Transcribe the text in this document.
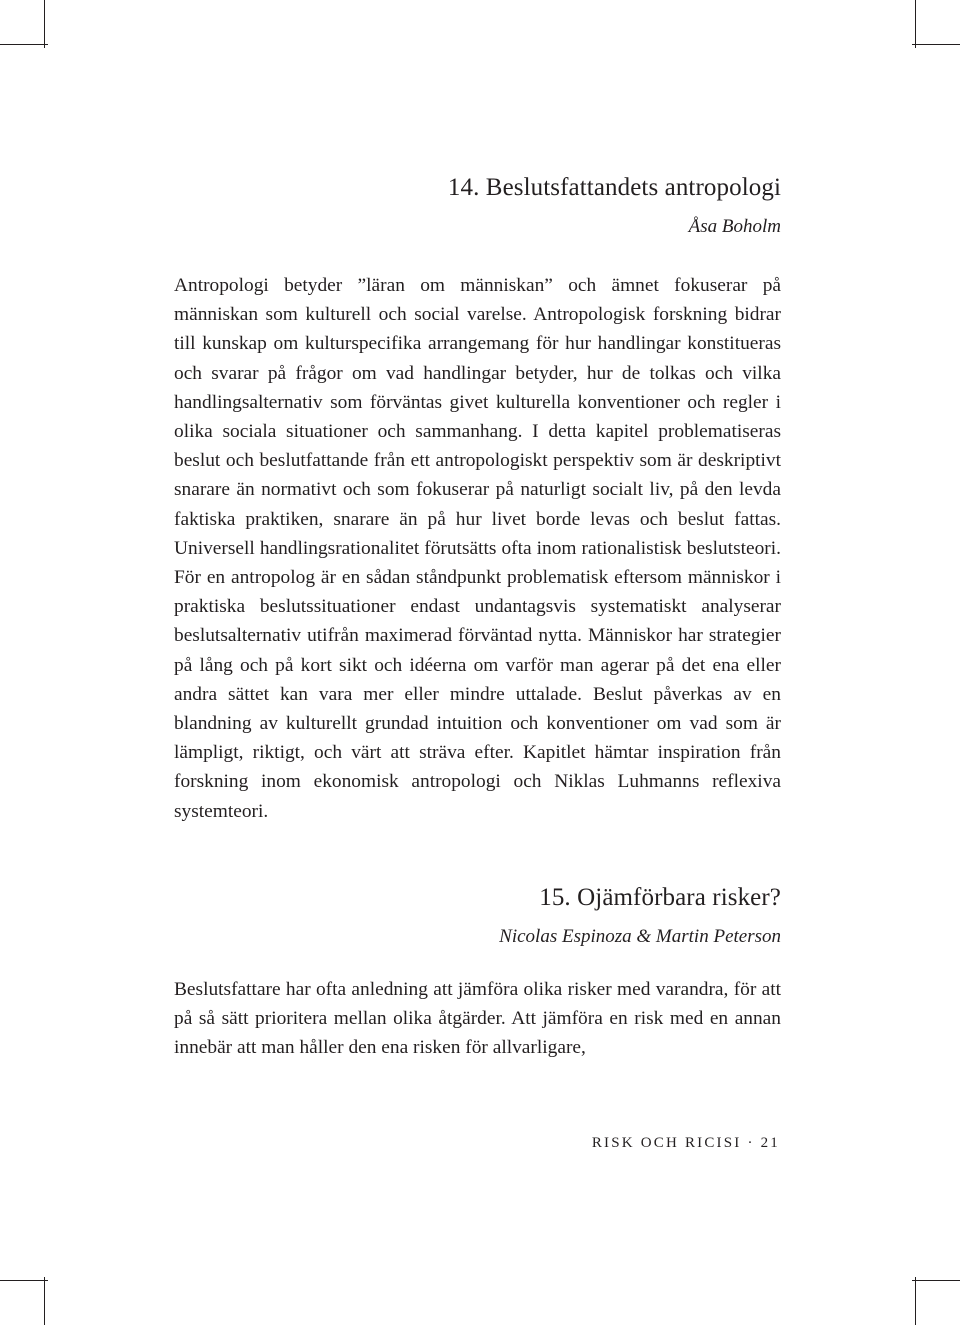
14. Beslutsfattandets antropologi

Åsa Boholm

Antropologi betyder ”läran om människan” och ämnet fokuserar på människan som kulturell och social varelse. Antropologisk forskning bidrar till kunskap om kulturspecifika arrangemang för hur handlingar konstitueras och svarar på frågor om vad handlingar betyder, hur de tolkas och vilka handlingsalternativ som förväntas givet kulturella konventioner och regler i olika sociala situationer och sammanhang. I detta kapitel problematiseras beslut och beslutfattande från ett antropologiskt perspektiv som är deskriptivt snarare än normativt och som fokuserar på naturligt socialt liv, på den levda faktiska praktiken, snarare än på hur livet borde levas och beslut fattas. Universell handlingsrationalitet förutsätts ofta inom rationalistisk beslutsteori. För en antropolog är en sådan ståndpunkt problematisk eftersom människor i praktiska beslutssituationer endast undantagsvis systematiskt analyserar beslutsalternativ utifrån maximerad förväntad nytta. Människor har strategier på lång och på kort sikt och idéerna om varför man agerar på det ena eller andra sättet kan vara mer eller mindre uttalade. Beslut påverkas av en blandning av kulturellt grundad intuition och konventioner om vad som är lämpligt, riktigt, och värt att sträva efter. Kapitlet hämtar inspiration från forskning inom ekonomisk antropologi och Niklas Luhmanns reflexiva systemteori.

15. Ojämförbara risker?

Nicolas Espinoza & Martin Peterson

Beslutsfattare har ofta anledning att jämföra olika risker med varandra, för att på så sätt prioritera mellan olika åtgärder. Att jämföra en risk med en annan innebär att man håller den ena risken för allvarligare,

RISK OCH RICISI · 21
